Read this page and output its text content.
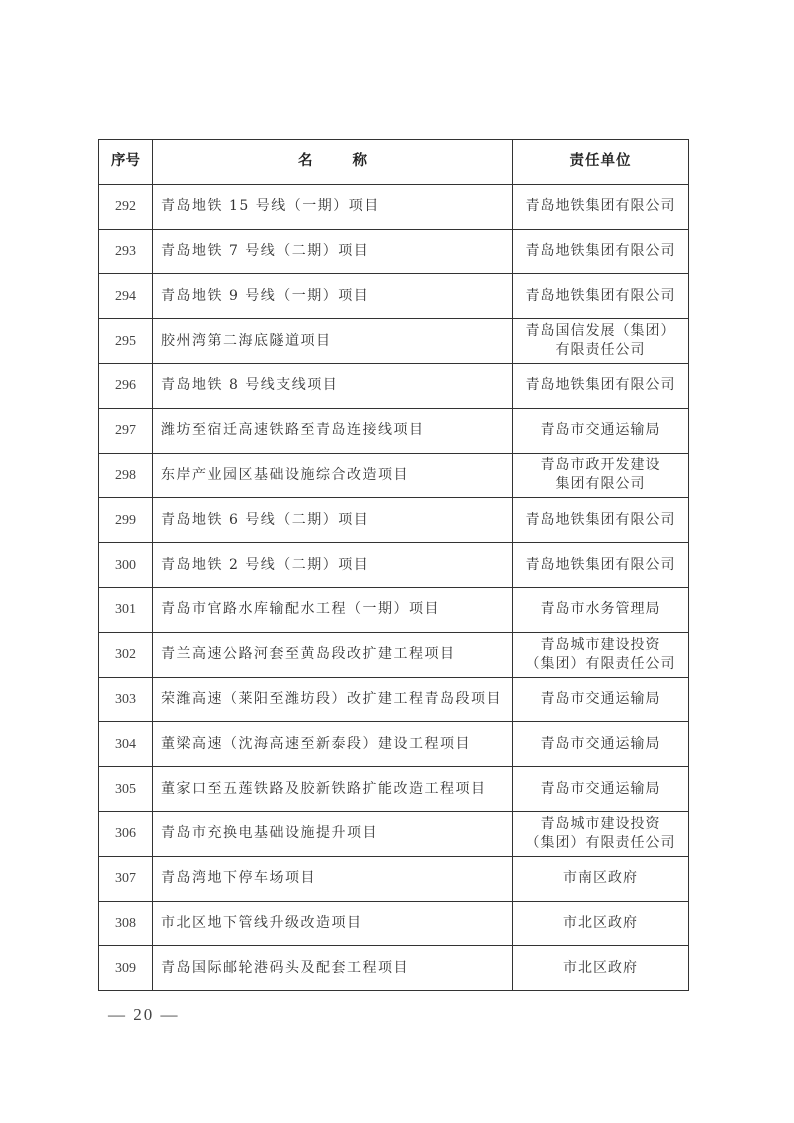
序号	名 称	责任单位
292	青岛地铁 15 号线（一期）项目	青岛地铁集团有限公司

293	青岛地铁 7 号线（二期）项目	青岛地铁集团有限公司

294	青岛地铁 9 号线（一期）项目	青岛地铁集团有限公司

295	胶州湾第二海底隧道项目	青岛国信发展（集团）
有限责任公司

296	青岛地铁 8 号线支线项目	青岛地铁集团有限公司

297	潍坊至宿迁高速铁路至青岛连接线项目	青岛市交通运输局

298	东岸产业园区基础设施综合改造项目	青岛市政开发建设
集团有限公司

299	青岛地铁 6 号线（二期）项目	青岛地铁集团有限公司

300	青岛地铁 2 号线（二期）项目	青岛地铁集团有限公司

301	青岛市官路水库输配水工程（一期）项目	青岛市水务管理局

302	青兰高速公路河套至黄岛段改扩建工程项目	青岛城市建设投资
（集团）有限责任公司

303	荣潍高速（莱阳至潍坊段）改扩建工程青岛段项目	青岛市交通运输局

304	董梁高速（沈海高速至新泰段）建设工程项目	青岛市交通运输局

305	董家口至五莲铁路及胶新铁路扩能改造工程项目	青岛市交通运输局

306	青岛市充换电基础设施提升项目	青岛城市建设投资
（集团）有限责任公司

307	青岛湾地下停车场项目	市南区政府

308	市北区地下管线升级改造项目	市北区政府

309	青岛国际邮轮港码头及配套工程项目	市北区政府
— 20 —
